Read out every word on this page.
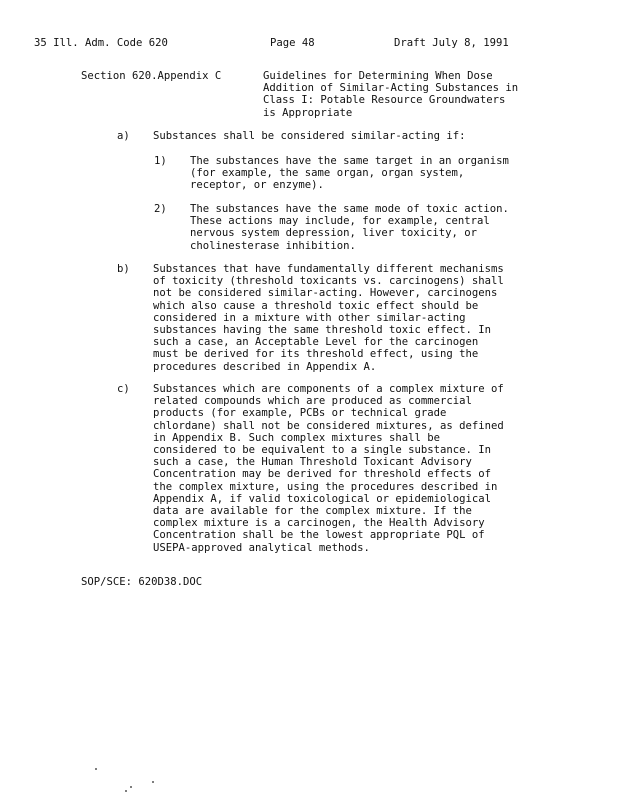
35 Ill. Adm. Code 620	Page 48	Draft July 8, 1991
Section 620.Appendix C	Guidelines for Determining When Dose
Addition of Similar-Acting Substances in
Class I: Potable Resource Groundwaters
is Appropriate
a) Substances shall be considered similar-acting if:
1) The substances have the same target in an organism
(for example, the same organ, organ system,
receptor, or enzyme).
2) The substances have the same mode of toxic action.
These actions may include, for example, central
nervous system depression, liver toxicity, or
cholinesterase inhibition.
b) Substances that have fundamentally different mechanisms
of toxicity (threshold toxicants vs. carcinogens) shall
not be considered similar-acting. However, carcinogens
which also cause a threshold toxic effect should be
considered in a mixture with other similar-acting
substances having the same threshold toxic effect. In
such a case, an Acceptable Level for the carcinogen
must be derived for its threshold effect, using the
procedures described in Appendix A.
c) Substances which are components of a complex mixture of
related compounds which are produced as commercial
products (for example, PCBs or technical grade
chlordane) shall not be considered mixtures, as defined
in Appendix B. Such complex mixtures shall be
considered to be equivalent to a single substance. In
such a case, the Human Threshold Toxicant Advisory
Concentration may be derived for threshold effects of
the complex mixture, using the procedures described in
Appendix A, if valid toxicological or epidemiological
data are available for the complex mixture. If the
complex mixture is a carcinogen, the Health Advisory
Concentration shall be the lowest appropriate PQL of
USEPA-approved analytical methods.
SOP/SCE: 620D38.DOC
